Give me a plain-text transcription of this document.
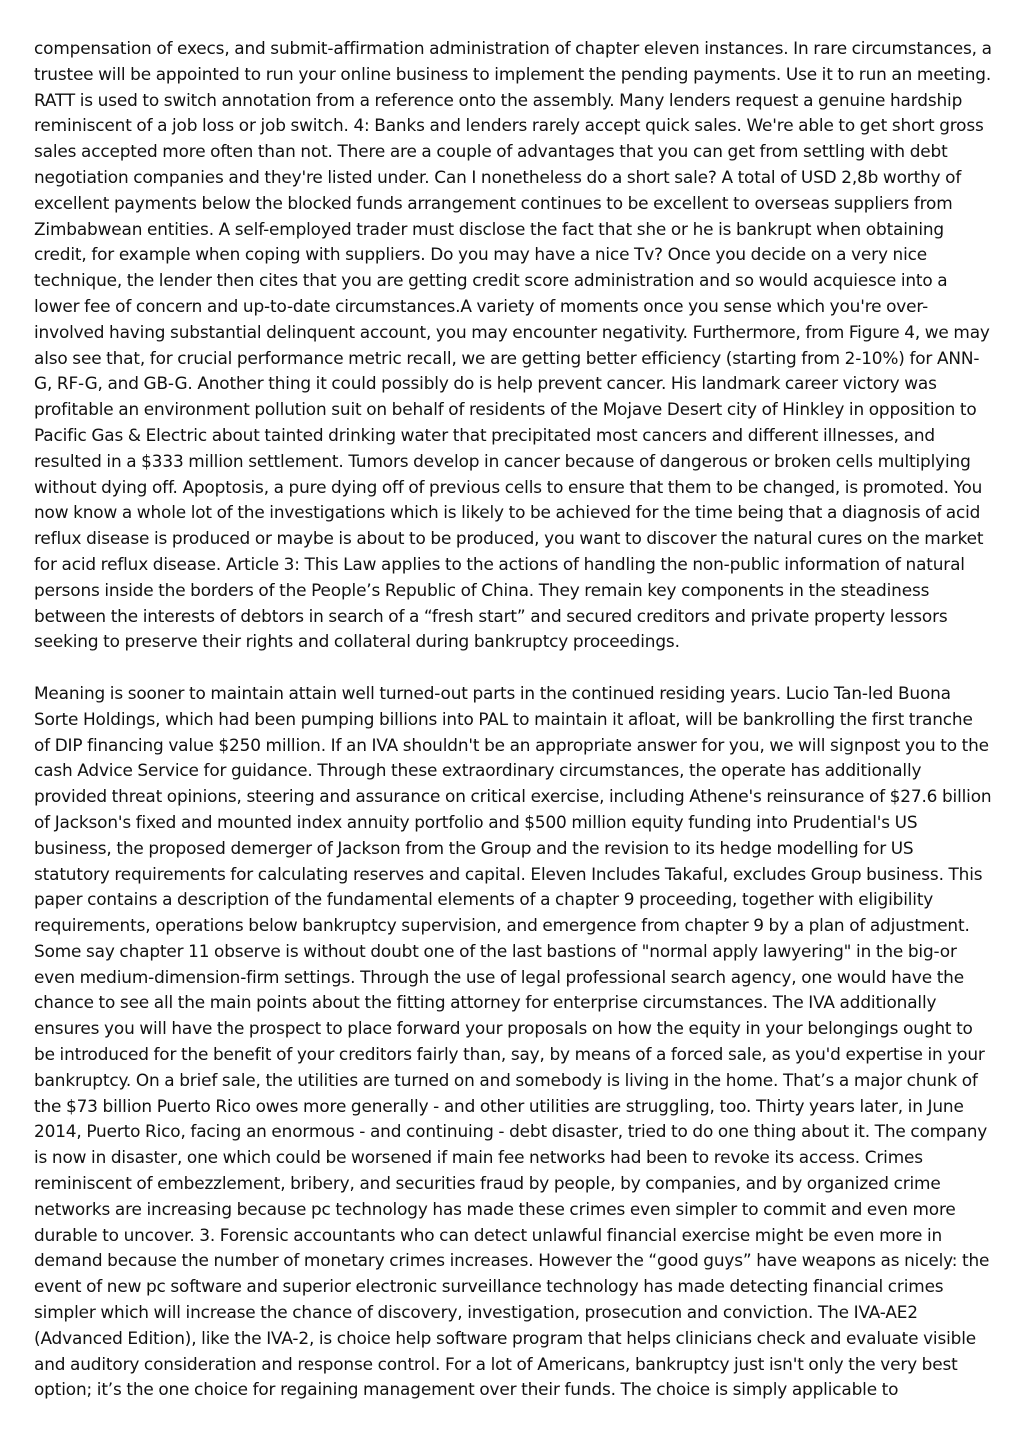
compensation of execs, and submit-affirmation administration of chapter eleven instances. In rare circumstances, a trustee will be appointed to run your online business to implement the pending payments. Use it to run an meeting. RATT is used to switch annotation from a reference onto the assembly. Many lenders request a genuine hardship reminiscent of a job loss or job switch. 4: Banks and lenders rarely accept quick sales. We're able to get short gross sales accepted more often than not. There are a couple of advantages that you can get from settling with debt negotiation companies and they're listed under. Can I nonetheless do a short sale? A total of USD 2,8b worthy of excellent payments below the blocked funds arrangement continues to be excellent to overseas suppliers from Zimbabwean entities. A self-employed trader must disclose the fact that she or he is bankrupt when obtaining credit, for example when coping with suppliers. Do you may have a nice Tv? Once you decide on a very nice technique, the lender then cites that you are getting credit score administration and so would acquiesce into a lower fee of concern and up-to-date circumstances.A variety of moments once you sense which you're over-involved having substantial delinquent account, you may encounter negativity. Furthermore, from Figure 4, we may also see that, for crucial performance metric recall, we are getting better efficiency (starting from 2-10%) for ANN-G, RF-G, and GB-G. Another thing it could possibly do is help prevent cancer. His landmark career victory was profitable an environment pollution suit on behalf of residents of the Mojave Desert city of Hinkley in opposition to Pacific Gas & Electric about tainted drinking water that precipitated most cancers and different illnesses, and resulted in a $333 million settlement. Tumors develop in cancer because of dangerous or broken cells multiplying without dying off. Apoptosis, a pure dying off of previous cells to ensure that them to be changed, is promoted. You now know a whole lot of the investigations which is likely to be achieved for the time being that a diagnosis of acid reflux disease is produced or maybe is about to be produced, you want to discover the natural cures on the market for acid reflux disease. Article 3: This Law applies to the actions of handling the non-public information of natural persons inside the borders of the People’s Republic of China. They remain key components in the steadiness between the interests of debtors in search of a “fresh start” and secured creditors and private property lessors seeking to preserve their rights and collateral during bankruptcy proceedings.

Meaning is sooner to maintain attain well turned-out parts in the continued residing years. Lucio Tan-led Buona Sorte Holdings, which had been pumping billions into PAL to maintain it afloat, will be bankrolling the first tranche of DIP financing value $250 million. If an IVA shouldn't be an appropriate answer for you, we will signpost you to the cash Advice Service for guidance. Through these extraordinary circumstances, the operate has additionally provided threat opinions, steering and assurance on critical exercise, including Athene's reinsurance of $27.6 billion of Jackson's fixed and mounted index annuity portfolio and $500 million equity funding into Prudential's US business, the proposed demerger of Jackson from the Group and the revision to its hedge modelling for US statutory requirements for calculating reserves and capital. Eleven Includes Takaful, excludes Group business. This paper contains a description of the fundamental elements of a chapter 9 proceeding, together with eligibility requirements, operations below bankruptcy supervision, and emergence from chapter 9 by a plan of adjustment. Some say chapter 11 observe is without doubt one of the last bastions of "normal apply lawyering" in the big-or even medium-dimension-firm settings. Through the use of legal professional search agency, one would have the chance to see all the main points about the fitting attorney for enterprise circumstances. The IVA additionally ensures you will have the prospect to place forward your proposals on how the equity in your belongings ought to be introduced for the benefit of your creditors fairly than, say, by means of a forced sale, as you'd expertise in your bankruptcy. On a brief sale, the utilities are turned on and somebody is living in the home. That’s a major chunk of the $73 billion Puerto Rico owes more generally - and other utilities are struggling, too. Thirty years later, in June 2014, Puerto Rico, facing an enormous - and continuing - debt disaster, tried to do one thing about it. The company is now in disaster, one which could be worsened if main fee networks had been to revoke its access. Crimes reminiscent of embezzlement, bribery, and securities fraud by people, by companies, and by organized crime networks are increasing because pc technology has made these crimes even simpler to commit and even more durable to uncover. 3. Forensic accountants who can detect unlawful financial exercise might be even more in demand because the number of monetary crimes increases. However the “good guys” have weapons as nicely: the event of new pc software and superior electronic surveillance technology has made detecting financial crimes simpler which will increase the chance of discovery, investigation, prosecution and conviction. The IVA-AE2 (Advanced Edition), like the IVA-2, is choice help software program that helps clinicians check and evaluate visible and auditory consideration and response control. For a lot of Americans, bankruptcy just isn't only the very best option; it’s the one choice for regaining management over their funds. The choice is simply applicable to
